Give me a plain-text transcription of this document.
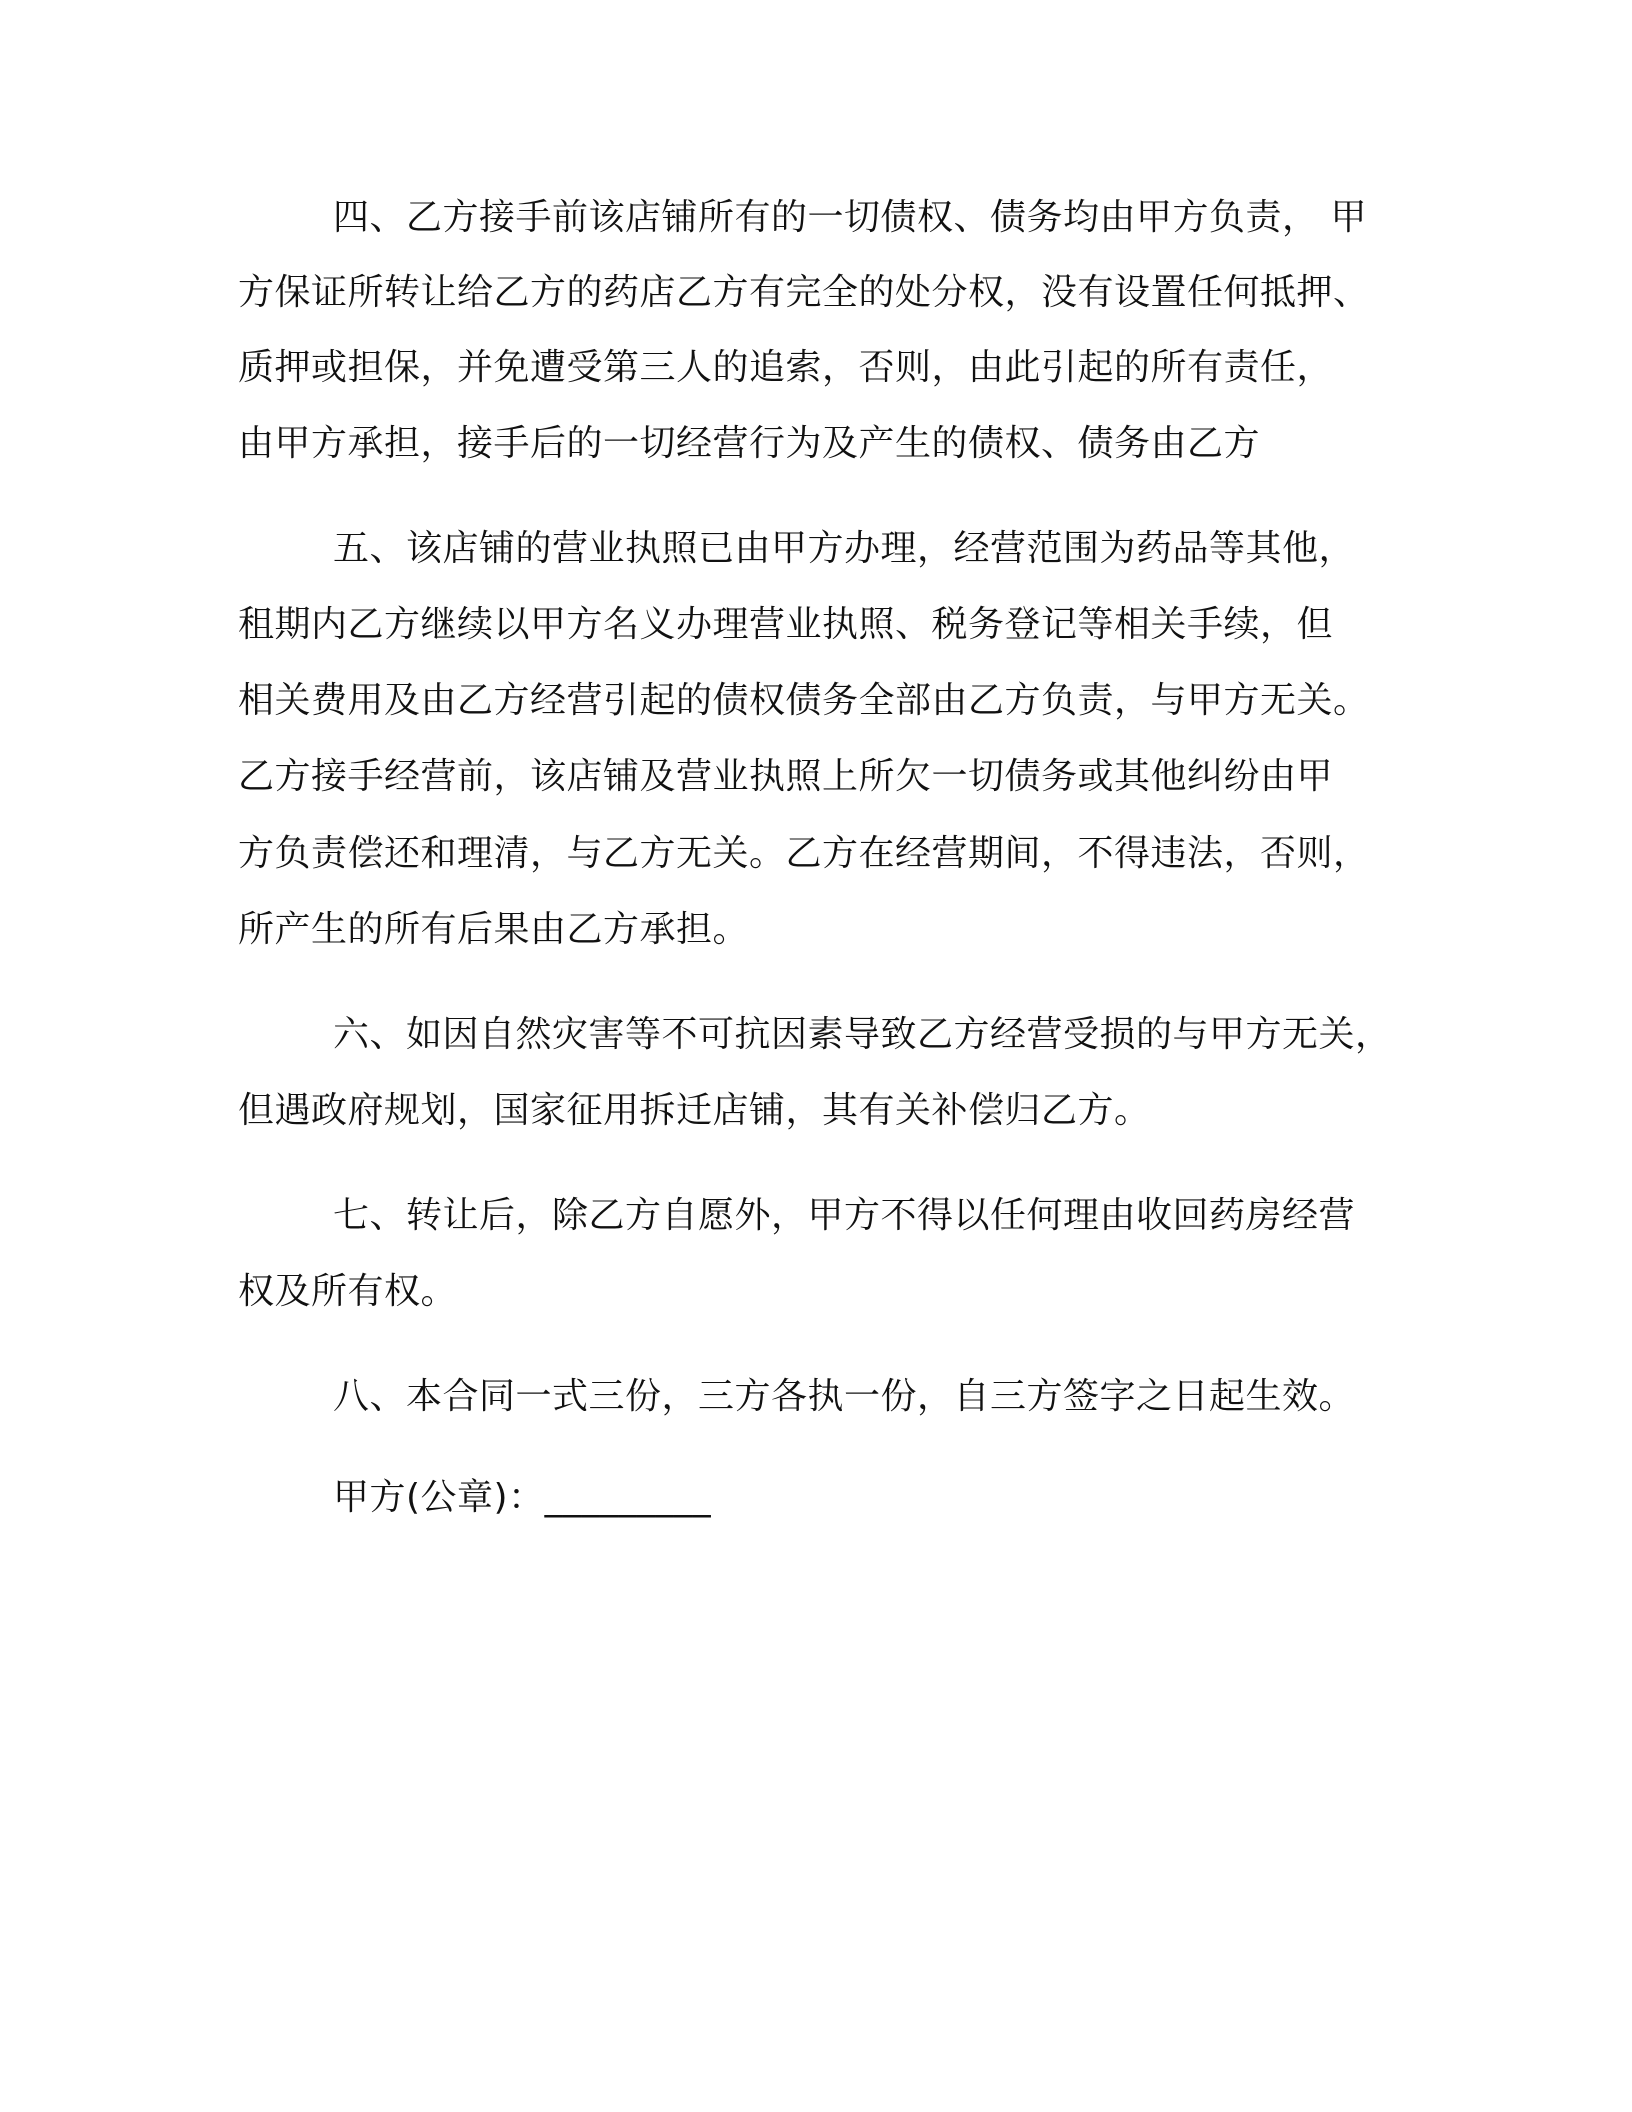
四、乙方接手前该店铺所有的一切债权、债务均由甲方负责， 甲
方保证所转让给乙方的药店乙方有完全的处分权，没有设置任何抵押、
质押或担保，并免遭受第三人的追索，否则，由此引起的所有责任，
由甲方承担，接手后的一切经营行为及产生的债权、债务由乙方
五、该店铺的营业执照已由甲方办理，经营范围为药品等其他，
租期内乙方继续以甲方名义办理营业执照、税务登记等相关手续，但
相关费用及由乙方经营引起的债权债务全部由乙方负责，与甲方无关。
乙方接手经营前，该店铺及营业执照上所欠一切债务或其他纠纷由甲
方负责偿还和理清，与乙方无关。乙方在经营期间，不得违法，否则，
所产生的所有后果由乙方承担。
六、如因自然灾害等不可抗因素导致乙方经营受损的与甲方无关，
但遇政府规划，国家征用拆迁店铺，其有关补偿归乙方。
七、转让后，除乙方自愿外，甲方不得以任何理由收回药房经营
权及所有权。
八、本合同一式三份，三方各执一份，自三方签字之日起生效。
甲方(公章)：_________
